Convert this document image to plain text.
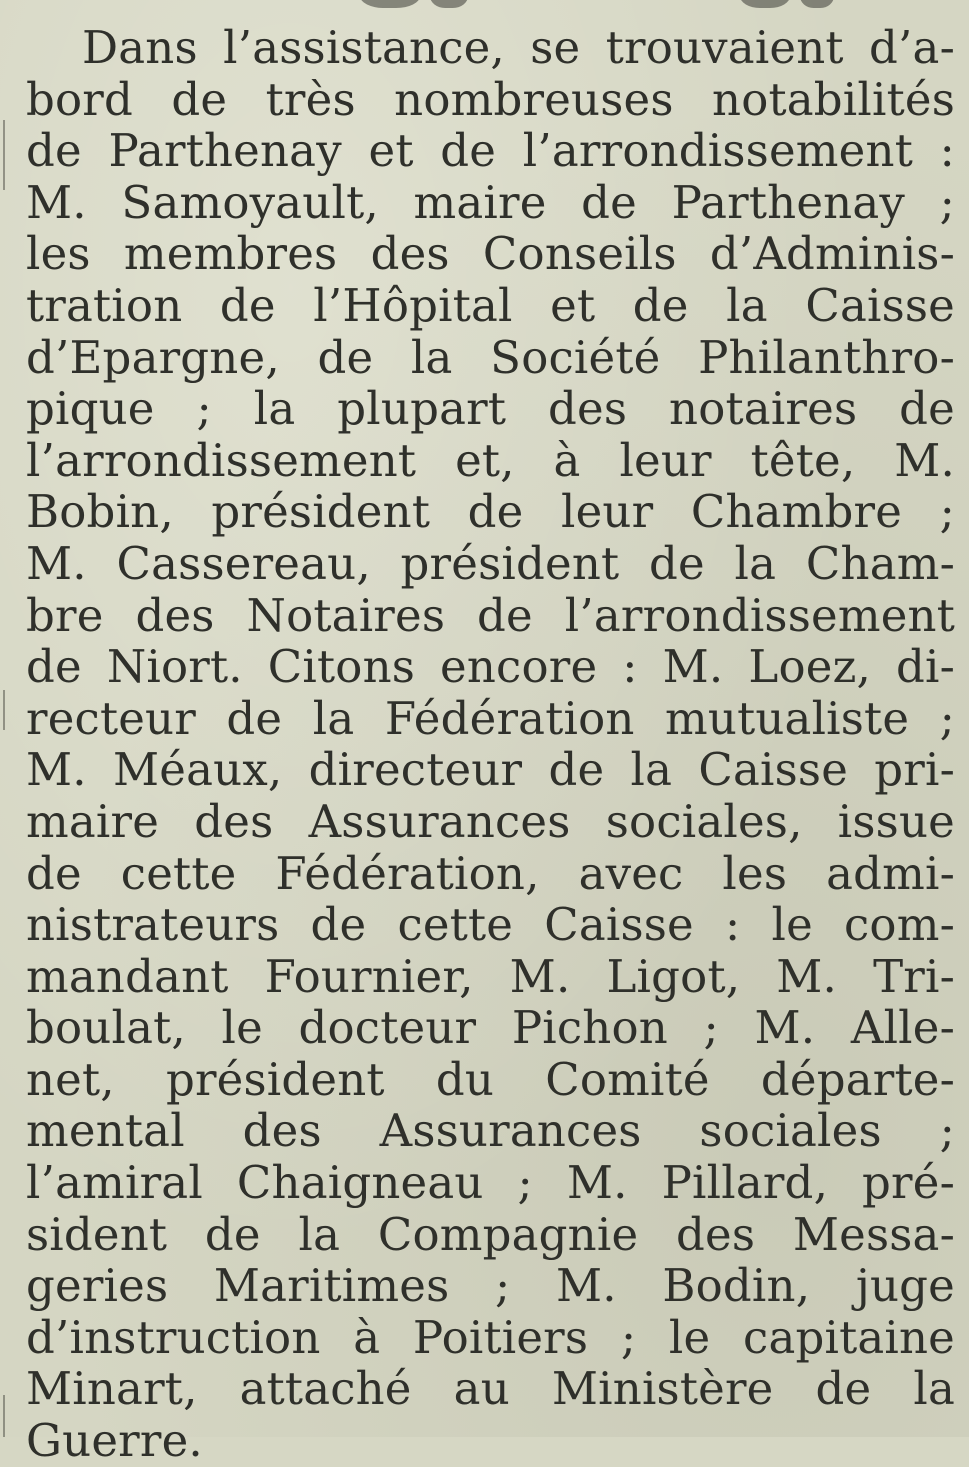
Dans l’assistance, se trouvaient d’a-
bord de très nombreuses notabilités
de Parthenay et de l’arrondissement :
M. Samoyault, maire de Parthenay ;
les membres des Conseils d’Adminis-
tration de l’Hôpital et de la Caisse
d’Epargne, de la Société Philanthro-
pique ; la plupart des notaires de
l’arrondissement et, à leur tête, M.
Bobin, président de leur Chambre ;
M. Cassereau, président de la Cham-
bre des Notaires de l’arrondissement
de Niort. Citons encore : M. Loez, di-
recteur de la Fédération mutualiste ;
M. Méaux, directeur de la Caisse pri-
maire des Assurances sociales, issue
de cette Fédération, avec les admi-
nistrateurs de cette Caisse : le com-
mandant Fournier, M. Ligot, M. Tri-
boulat, le docteur Pichon ; M. Alle-
net, président du Comité départe-
mental des Assurances sociales ;
l’amiral Chaigneau ; M. Pillard, pré-
sident de la Compagnie des Messa-
geries Maritimes ; M. Bodin, juge
d’instruction à Poitiers ; le capitaine
Minart, attaché au Ministère de la
Guerre.
